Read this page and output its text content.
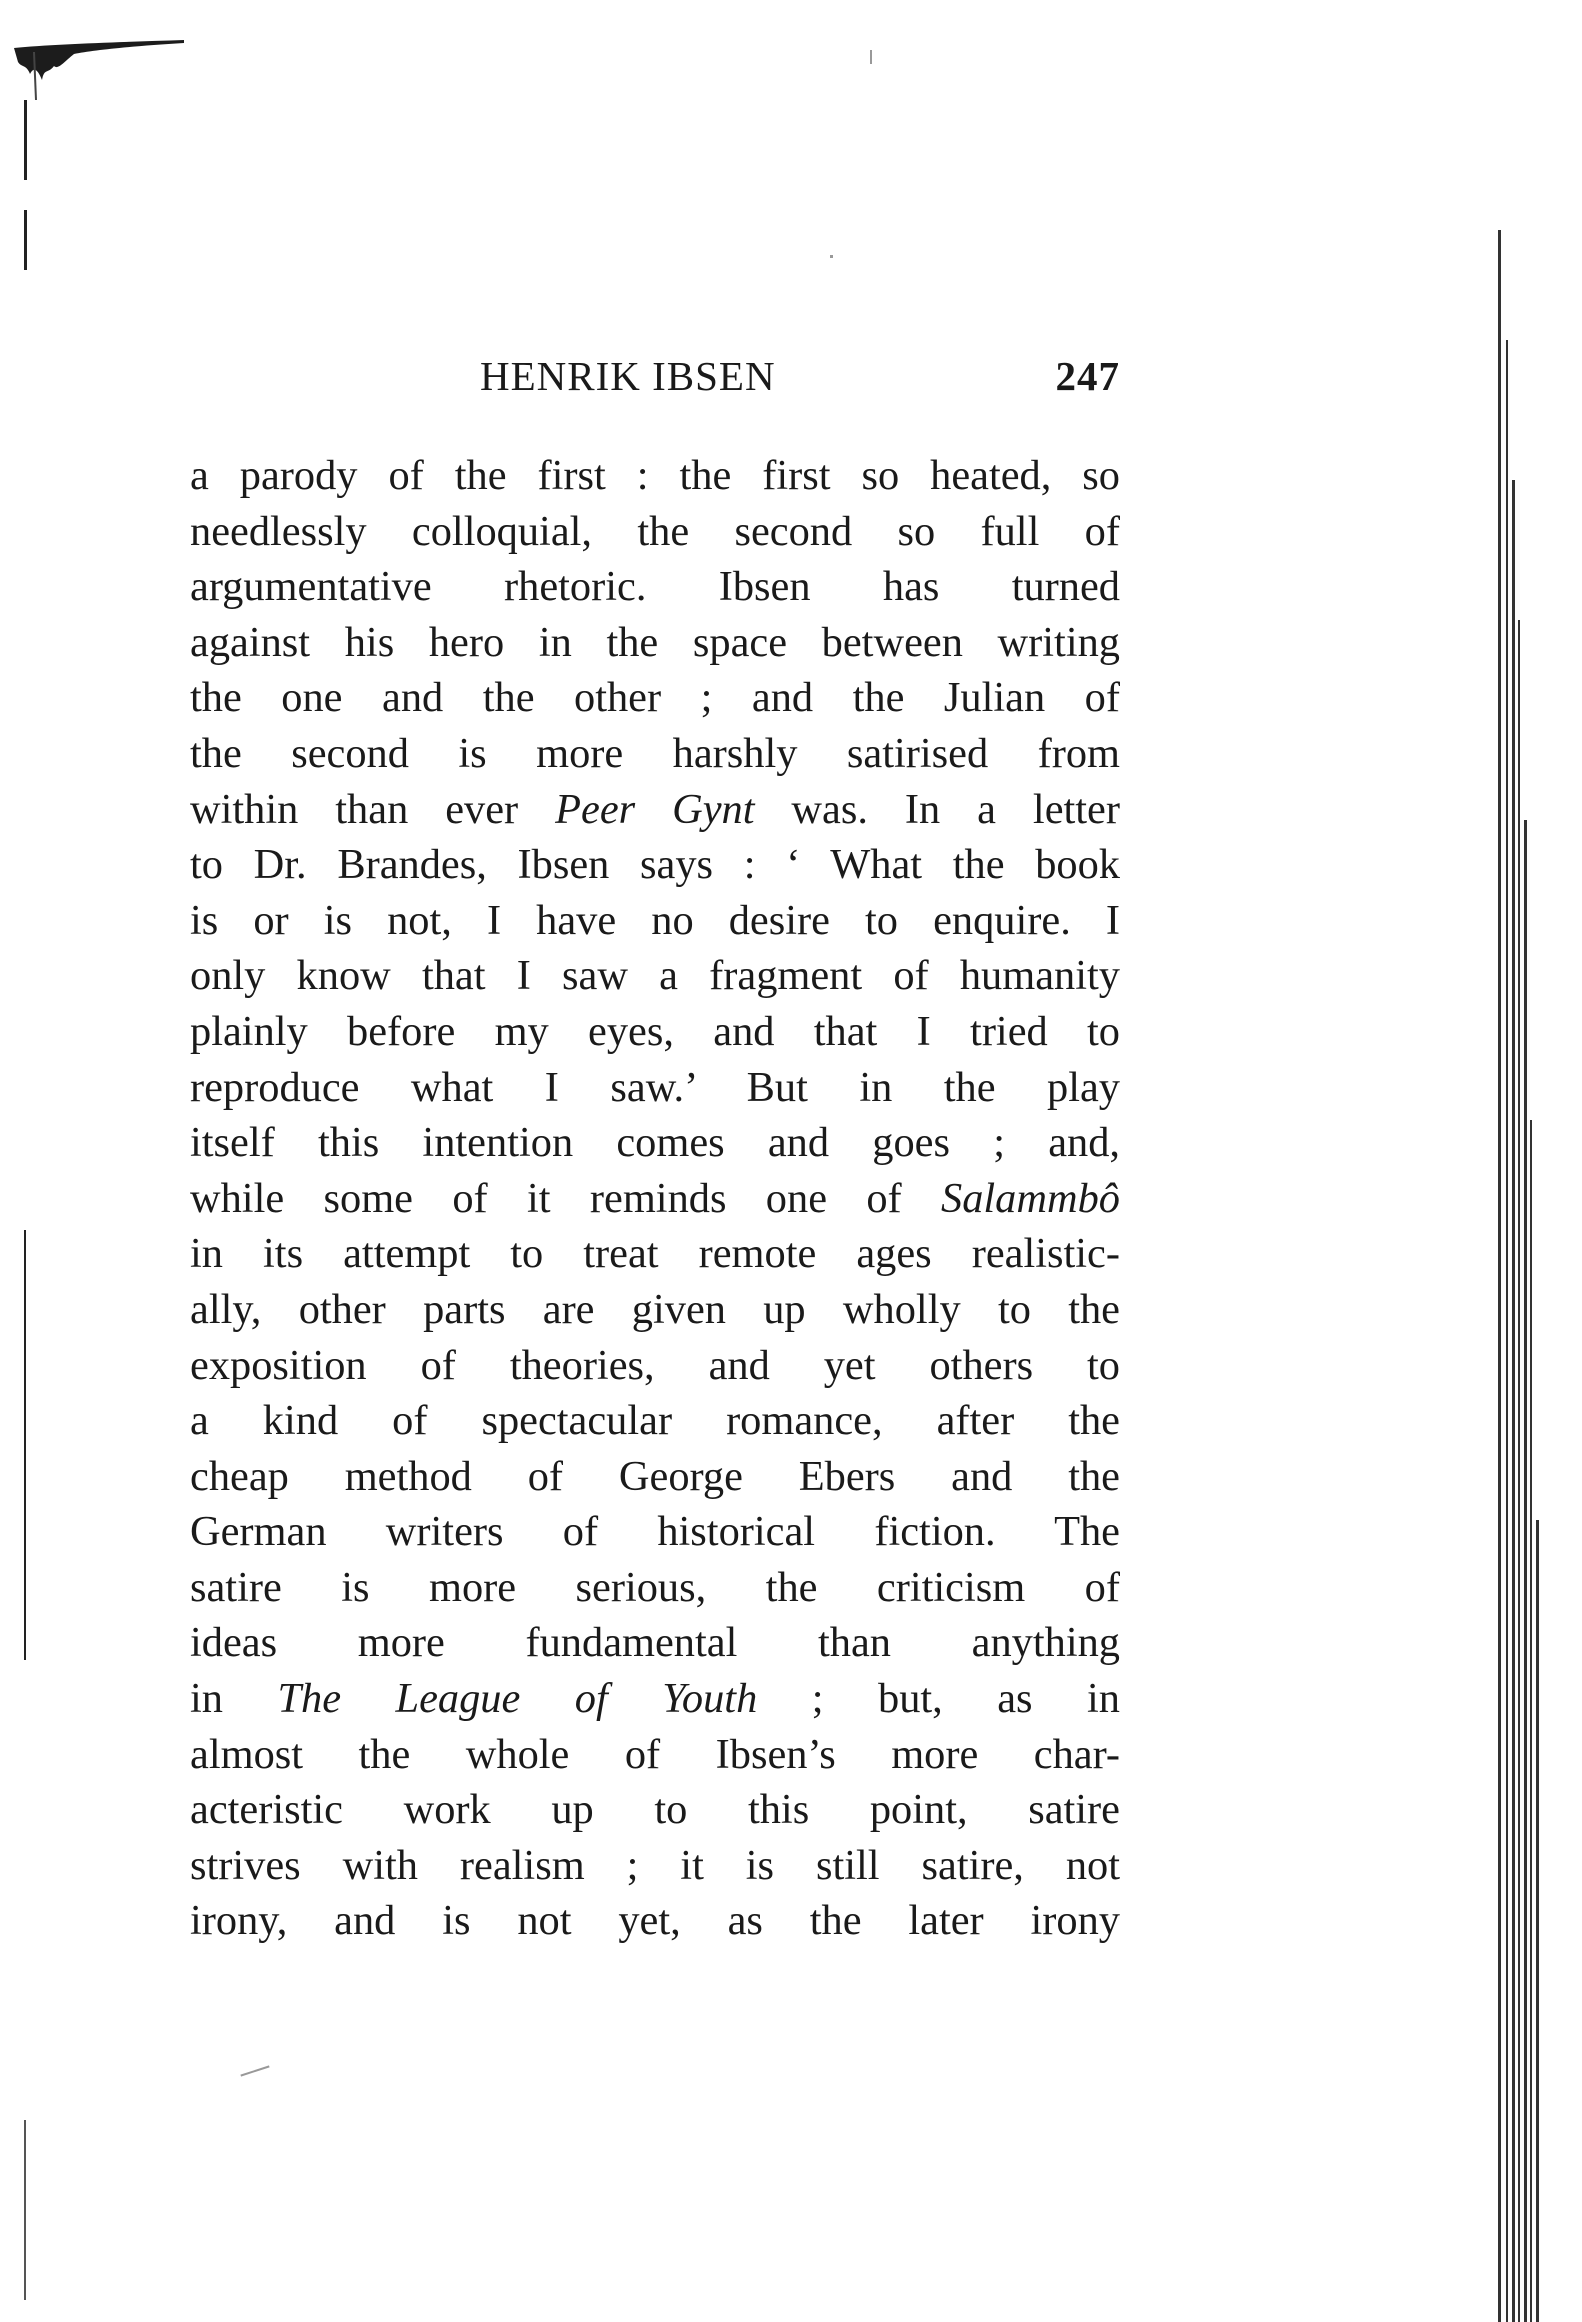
HENRIK IBSEN	247
a parody of the first : the first so heated, so
needlessly colloquial, the second so full of
argumentative rhetoric. Ibsen has turned
against his hero in the space between writing
the one and the other ; and the Julian of
the second is more harshly satirised from
within than ever Peer Gynt was. In a letter
to Dr. Brandes, Ibsen says : ‘ What the book
is or is not, I have no desire to enquire. I
only know that I saw a fragment of humanity
plainly before my eyes, and that I tried to
reproduce what I saw.’ But in the play
itself this intention comes and goes ; and,
while some of it reminds one of Salammbô
in its attempt to treat remote ages realistic-
ally, other parts are given up wholly to the
exposition of theories, and yet others to
a kind of spectacular romance, after the
cheap method of George Ebers and the
German writers of historical fiction. The
satire is more serious, the criticism of
ideas more fundamental than anything
in The League of Youth ; but, as in
almost the whole of Ibsen’s more char-
acteristic work up to this point, satire
strives with realism ; it is still satire, not
irony, and is not yet, as the later irony
